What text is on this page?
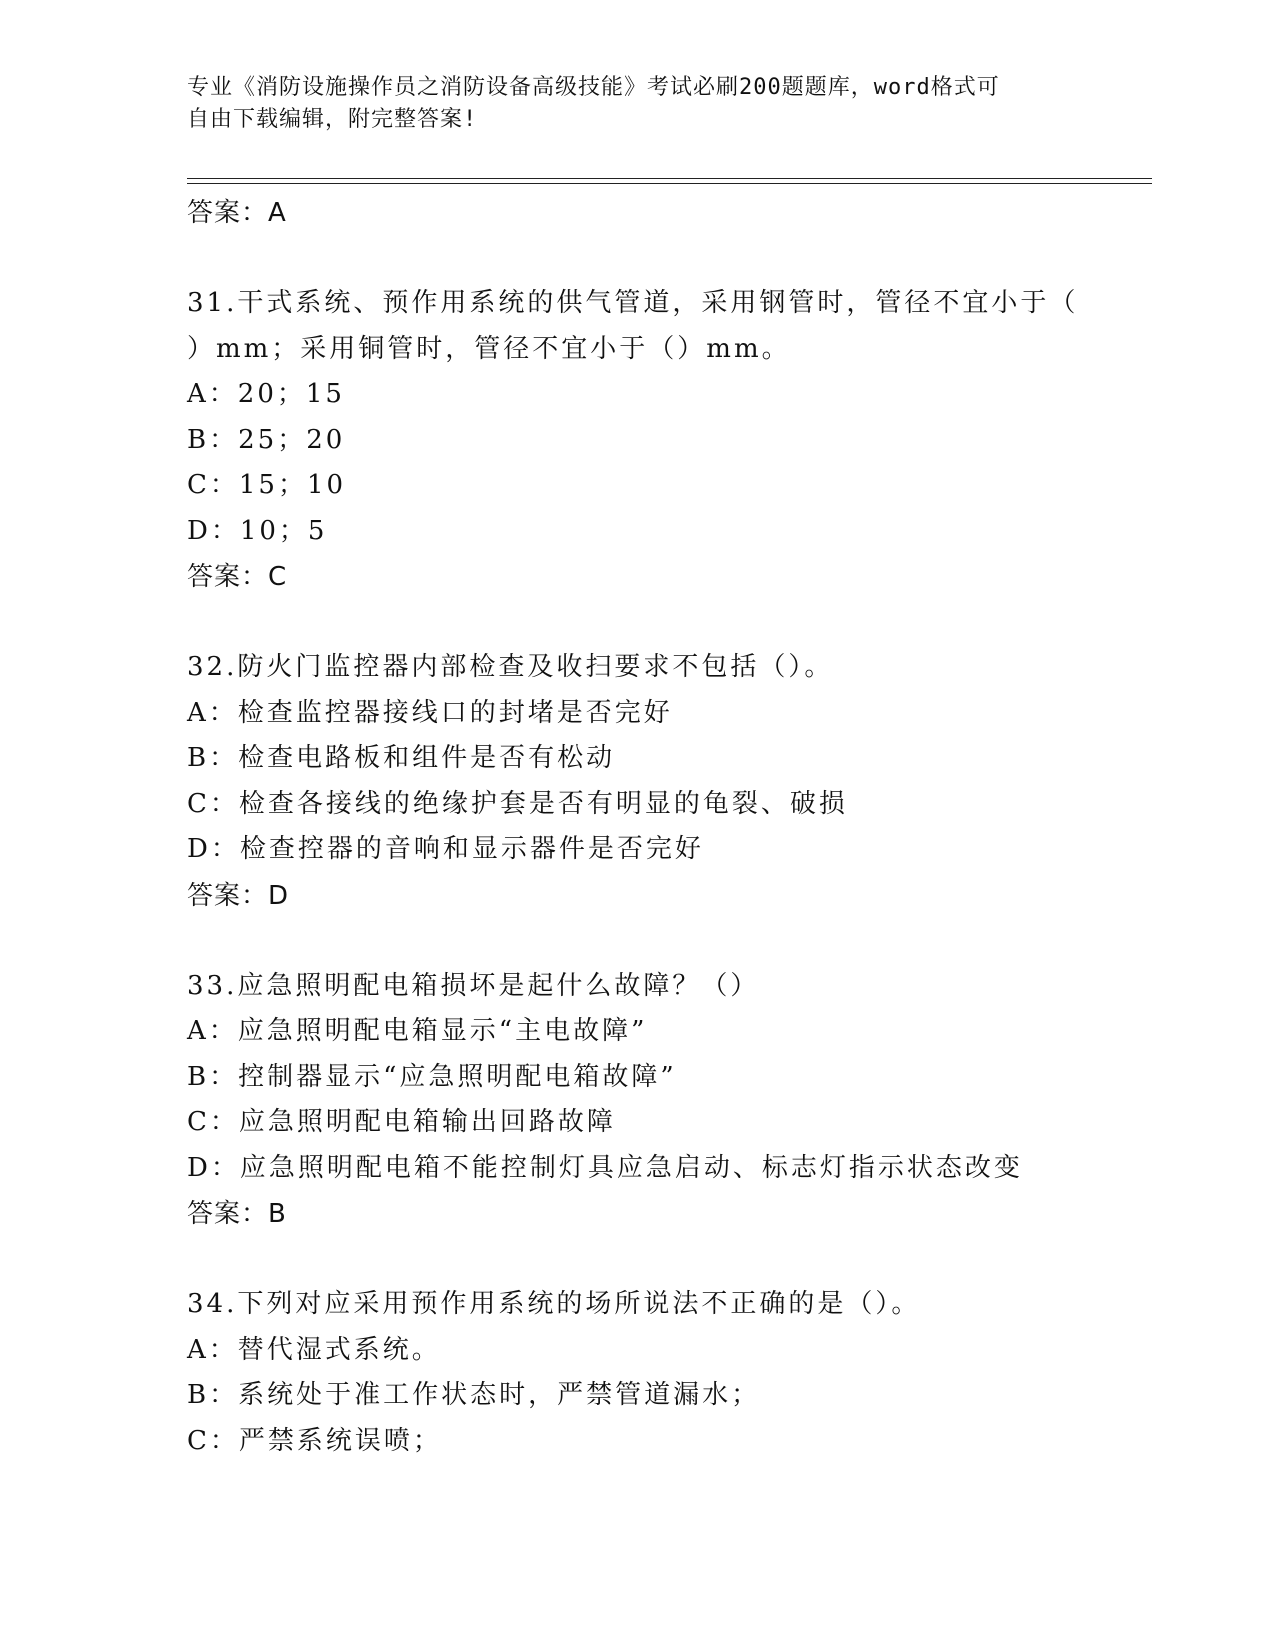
专业《消防设施操作员之消防设备高级技能》考试必刷200题题库，word格式可
自由下载编辑，附完整答案!
答案：A
31.干式系统、预作用系统的供气管道，采用钢管时，管径不宜小于（
）mm；采用铜管时，管径不宜小于（）mm。
A：20；15
B：25；20
C：15；10
D：10；5
答案：C
32.防火门监控器内部检查及收扫要求不包括（）。
A：检查监控器接线口的封堵是否完好
B：检查电路板和组件是否有松动
C：检查各接线的绝缘护套是否有明显的龟裂、破损
D：检查控器的音响和显示器件是否完好
答案：D
33.应急照明配电箱损坏是起什么故障？（）
A：应急照明配电箱显示“主电故障”
B：控制器显示“应急照明配电箱故障”
C：应急照明配电箱输出回路故障
D：应急照明配电箱不能控制灯具应急启动、标志灯指示状态改变
答案：B
34.下列对应采用预作用系统的场所说法不正确的是（）。
A：替代湿式系统。
B：系统处于准工作状态时，严禁管道漏水；
C：严禁系统误喷；
